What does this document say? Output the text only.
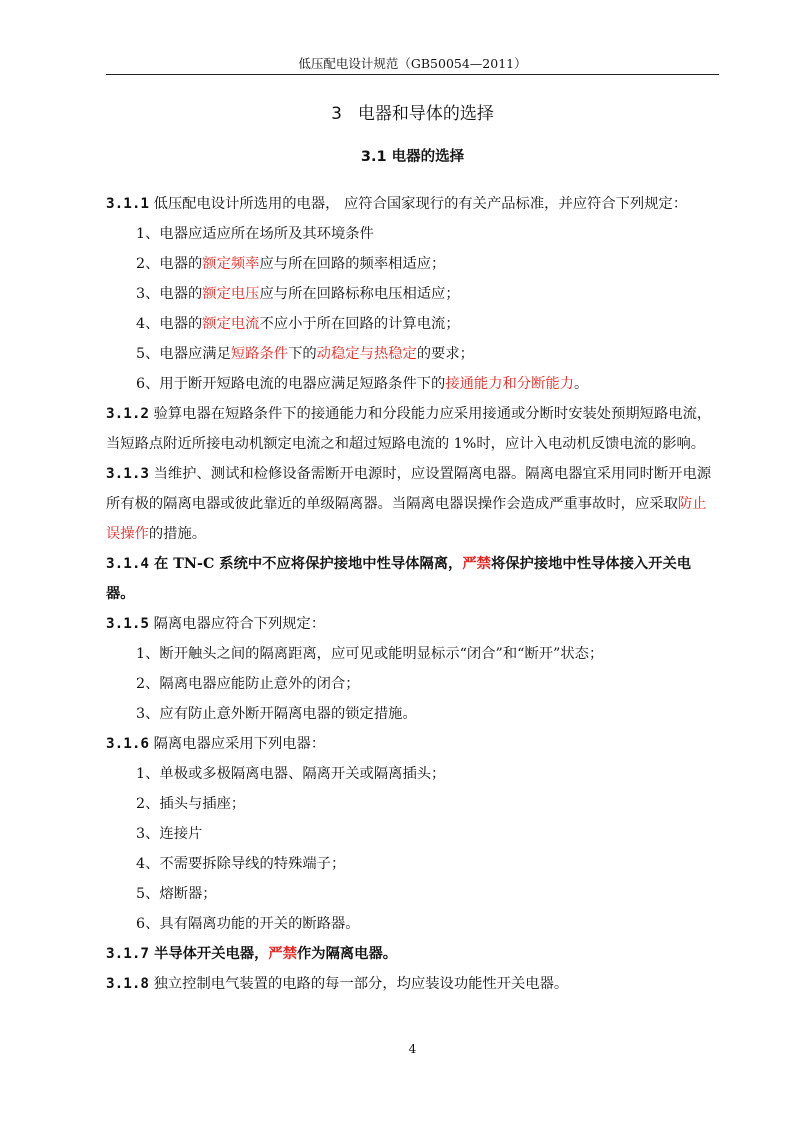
低压配电设计规范（GB50054—2011）
3 电器和导体的选择
3.1 电器的选择

3.1.1 低压配电设计所选用的电器， 应符合国家现行的有关产品标准，并应符合下列规定：

1、电器应适应所在场所及其环境条件

2、电器的额定频率应与所在回路的频率相适应；

3、电器的额定电压应与所在回路标称电压相适应；

4、电器的额定电流不应小于所在回路的计算电流；

5、电器应满足短路条件下的动稳定与热稳定的要求；

6、用于断开短路电流的电器应满足短路条件下的接通能力和分断能力。

3.1.2 验算电器在短路条件下的接通能力和分段能力应采用接通或分断时安装处预期短路电流，当短路点附近所接电动机额定电流之和超过短路电流的 1%时，应计入电动机反馈电流的影响。

3.1.3 当维护、测试和检修设备需断开电源时，应设置隔离电器。隔离电器宜采用同时断开电源所有极的隔离电器或彼此靠近的单级隔离器。当隔离电器误操作会造成严重事故时，应采取防止误操作的措施。

3.1.4 在 TN-C 系统中不应将保护接地中性导体隔离，严禁将保护接地中性导体接入开关电器。

3.1.5 隔离电器应符合下列规定：

1、断开触头之间的隔离距离，应可见或能明显标示“闭合”和“断开”状态；

2、隔离电器应能防止意外的闭合；

3、应有防止意外断开隔离电器的锁定措施。

3.1.6 隔离电器应采用下列电器：

1、单极或多极隔离电器、隔离开关或隔离插头；

2、插头与插座；

3、连接片

4、不需要拆除导线的特殊端子；

5、熔断器；

6、具有隔离功能的开关的断路器。

3.1.7 半导体开关电器，严禁作为隔离电器。

3.1.8 独立控制电气装置的电路的每一部分，均应装设功能性开关电器。

4
